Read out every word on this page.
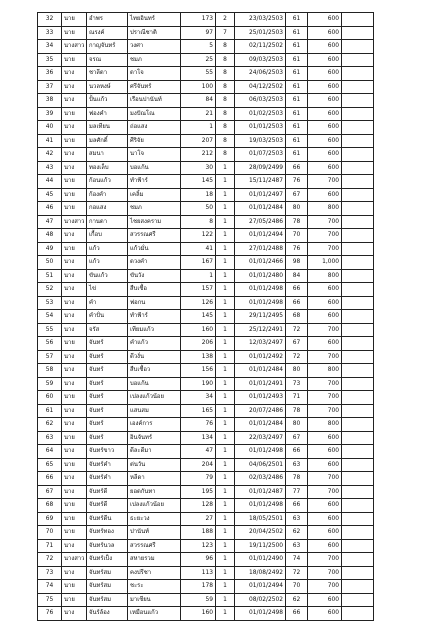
32	นาย	อำพร	ไทยอินทร์	173	2	23/03/2503	61	600	
33	นาย	ณรงค์	ปราณีชาติ	97	7	25/01/2503	61	600	
34	นางสาว	กาญจันทร์	วงศา	5	8	02/11/2502	61	600	
35	นาย	จรณ	ชมภ	25	8	09/03/2503	61	600	
36	นาง	ชาลีดา	ดาโจ	55	8	24/06/2503	61	600	
37	นาง	นวลหงษ์	ศรีจันทร์	100	8	04/12/2502	61	600	
38	นาง	ปั้นแก้ว	เรือนปานันท์	84	8	06/03/2503	61	600	
39	นาย	ฟองคำ	มงปัณโณ	21	8	01/02/2503	61	600	
40	นาง	มลเทียน	ถ่อแสง	1	8	01/01/2503	61	600	
41	นาย	มลศักดิ์	ศีริจัย	207	8	19/03/2503	61	600	
42	นาง	สมนา	นาโจ	212	8	01/07/2503	61	600	
43	นาง	ทองเล็บ	บอแก้น	30	1	28/09/2499	66	600	
44	นาย	ก้อนแก้ว	ทำฟ้าร์	145	1	15/11/2487	76	700	
45	นาย	ก้องคำ	เคลิ้ม	18	1	01/01/2497	67	600	
46	นาย	กอแสง	ชมภ	50	1	01/01/2484	80	800	
47	นางสาว	กานดา	ไชยสงคราม	8	1	27/05/2486	78	700	
48	นาง	เกื้อบ	สวรรณศรี	122	1	01/01/2494	70	700	
49	นาย	แก้ว	แก้วมั่น	41	1	27/01/2488	76	700	
50	นาง	แก้ว	ดวงคำ	167	1	01/01/2466	98	1,000	
51	นาง	ขันแก้ว	ขันวัง	1	1	01/01/2480	84	800	
52	นาง	ไข่	สืบเชื้อ	157	1	01/01/2498	66	600	
53	นาง	คำ	ฟอกน	126	1	01/01/2498	66	600	
54	นาง	คำปั่น	ทำฟ้าร์	145	1	29/11/2495	68	600	
55	นาง	จรัส	เทียมแก้ว	160	1	25/12/2491	72	700	
56	นาย	จันทร์	คำแก้ว	206	1	12/03/2497	67	600	
57	นาง	จันทร์	ดีวงั่น	138	1	01/01/2492	72	700	
58	นาง	จันทร์	สืบเชื้อว	156	1	01/01/2484	80	800	
59	นาง	จันทร์	บอแก้น	190	1	01/01/2491	73	700	
60	นาย	จันทร์	เปลงแก้วน้อย	34	1	01/01/2493	71	700	
61	นาง	จันทร์	แสนสม	165	1	20/07/2486	78	700	
62	นาง	จันทร์	เองค์การ	76	1	01/01/2484	80	800	
63	นาย	จันทร์	อินจันทร์	134	1	22/03/2497	67	600	
64	นาง	จันทร์ขาว	ดีละดีมา	47	1	01/01/2498	66	600	
65	นาย	จันทร์คำ	ต่นวัน	204	1	04/06/2501	63	600	
66	นาง	จันทร์คำ	หลีดา	79	1	02/03/2486	78	700	
67	นาง	จันทร์ดี	ยอดกันทา	195	1	01/01/2487	77	700	
68	นาย	จันทร์ดี	เปลงแก้วน้อย	128	1	01/01/2498	66	600	
69	นาย	จันทร์ดีน	ธะยะวง	27	1	18/05/2501	63	600	
70	นาย	จันทร์ทอง	ปานันท์	188	1	20/04/2502	62	600	
71	นาง	จันทร์นวล	สวรรณศรี	123	1	19/11/2500	63	600	
72	นางสาว	จันทร์เป็ง	สหายรวม	96	1	01/01/2490	74	700	
73	นาง	จันทร์สม	คงปรีชา	113	1	18/08/2492	72	700	
74	นาย	จันทร์สม	ชะระ	178	1	01/01/2494	70	700	
75	นาย	จันทร์สม	มาเชียน	59	1	08/02/2502	62	600	
76	นาง	จันร์ล้อง	เหมือนแก้ว	160	1	01/01/2498	66	600	
